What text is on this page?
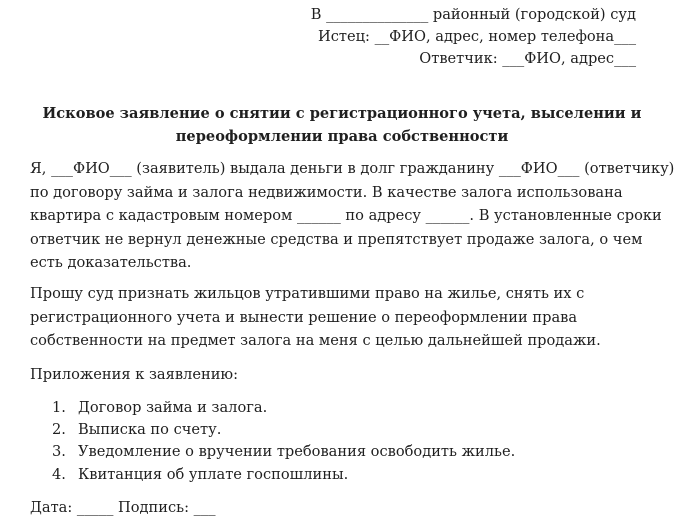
В ______________ районный (городской) суд
Истец: __ФИО, адрес, номер телефона___
Ответчик: ___ФИО, адрес___
Исковое заявление о снятии с регистрационного учета, выселении и
переоформлении права собственности
Я, ___ФИО___ (заявитель) выдала деньги в долг гражданину ___ФИО___ (ответчику)
по договору займа и залога недвижимости. В качестве залога использована
квартира с кадастровым номером ______ по адресу ______. В установленные сроки
ответчик не вернул денежные средства и препятствует продаже залога, о чем
есть доказательства.
Прошу суд признать жильцов утратившими право на жилье, снять их с
регистрационного учета и вынести решение о переоформлении права
собственности на предмет залога на меня с целью дальнейшей продажи.
Приложения к заявлению:
1. Договор займа и залога.
2. Выписка по счету.
3. Уведомление о вручении требования освободить жилье.
4. Квитанция об уплате госпошлины.
Дата: _____ Подпись: ___
